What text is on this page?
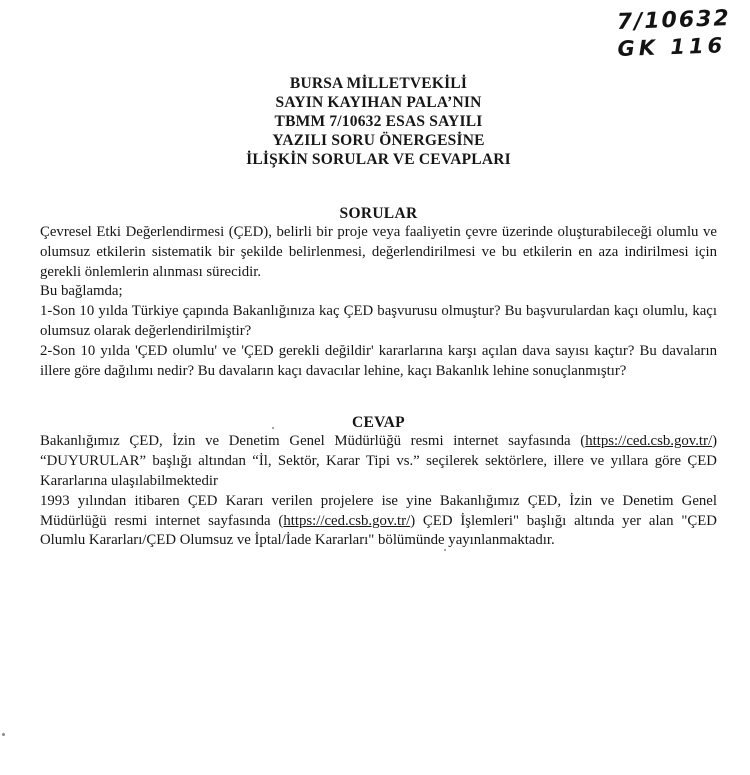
7/10632
GK 116
BURSA MİLLETVEKİLİ
SAYIN KAYIHAN PALA’NIN
TBMM 7/10632 ESAS SAYILI
YAZILI SORU ÖNERGESİNE
İLİŞKİN SORULAR VE CEVAPLARI
SORULAR

Çevresel Etki Değerlendirmesi (ÇED), belirli bir proje veya faaliyetin çevre üzerinde oluşturabileceği olumlu ve olumsuz etkilerin sistematik bir şekilde belirlenmesi, değerlendirilmesi ve bu etkilerin en aza indirilmesi için gerekli önlemlerin alınması sürecidir.

Bu bağlamda;

1-Son 10 yılda Türkiye çapında Bakanlığınıza kaç ÇED başvurusu olmuştur? Bu başvurulardan kaçı olumlu, kaçı olumsuz olarak değerlendirilmiştir?

2-Son 10 yılda 'ÇED olumlu' ve 'ÇED gerekli değildir' kararlarına karşı açılan dava sayısı kaçtır? Bu davaların illere göre dağılımı nedir? Bu davaların kaçı davacılar lehine, kaçı Bakanlık lehine sonuçlanmıştır?

CEVAP

Bakanlığımız ÇED, İzin ve Denetim Genel Müdürlüğü resmi internet sayfasında (https://ced.csb.gov.tr/) “DUYURULAR” başlığı altından “İl, Sektör, Karar Tipi vs.” seçilerek sektörlere, illere ve yıllara göre ÇED Kararlarına ulaşılabilmektedir

1993 yılından itibaren ÇED Kararı verilen projelere ise yine Bakanlığımız ÇED, İzin ve Denetim Genel Müdürlüğü resmi internet sayfasında (https://ced.csb.gov.tr/) ÇED İşlemleri" başlığı altında yer alan "ÇED Olumlu Kararları/ÇED Olumsuz ve İptal/İade Kararları" bölümünde yayınlanmaktadır.
